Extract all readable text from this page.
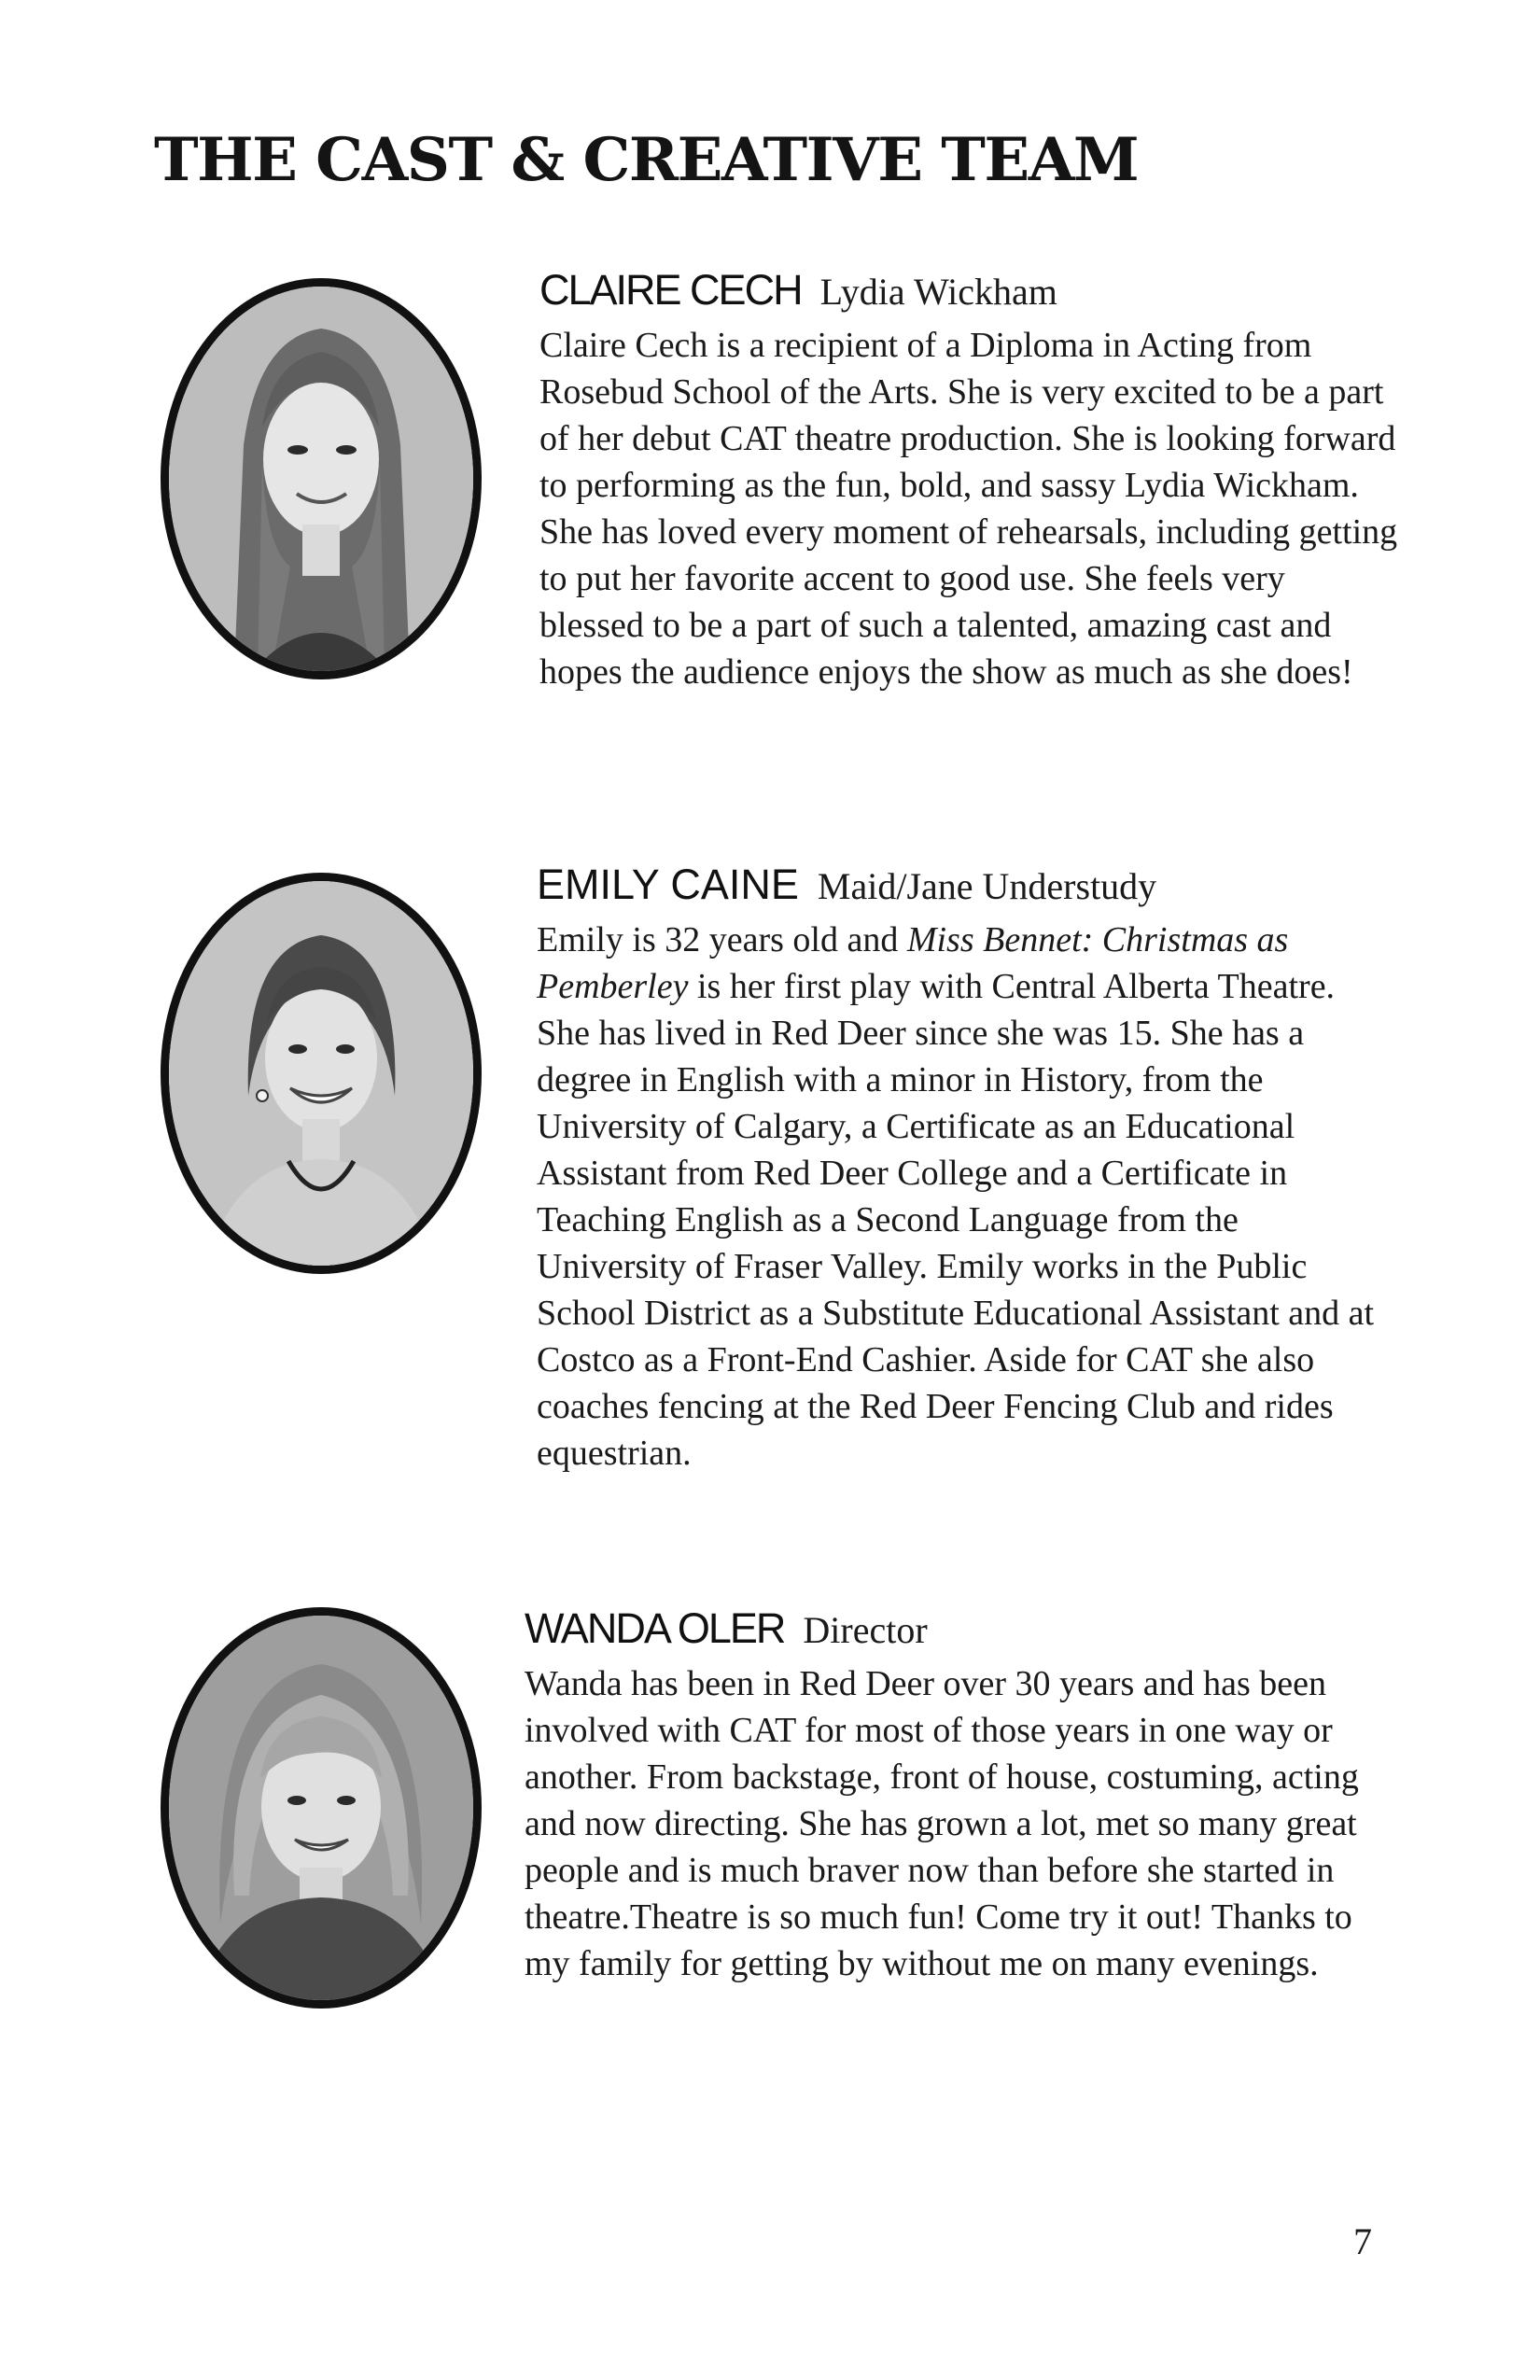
THE CAST & CREATIVE TEAM
CLAIRE CECH Lydia Wickham

Claire Cech is a recipient of a Diploma in Acting from Rosebud School of the Arts. She is very excited to be a part of her debut CAT theatre production. She is looking forward to performing as the fun, bold, and sassy Lydia Wickham. She has loved every moment of rehearsals, including getting to put her favorite accent to good use. She feels very blessed to be a part of such a talented, amazing cast and hopes the audience enjoys the show as much as she does!

EMILY CAINE Maid/Jane Understudy

Emily is 32 years old and Miss Bennet: Christmas as Pemberley is her first play with Central Alberta Theatre. She has lived in Red Deer since she was 15. She has a degree in English with a minor in History, from the University of Calgary, a Certificate as an Educational Assistant from Red Deer College and a Certificate in Teaching English as a Second Language from the University of Fraser Valley. Emily works in the Public School District as a Substitute Educational Assistant and at Costco as a Front-End Cashier. Aside for CAT she also coaches fencing at the Red Deer Fencing Club and rides equestrian.

WANDA OLER Director

Wanda has been in Red Deer over 30 years and has been involved with CAT for most of those years in one way or another. From backstage, front of house, costuming, acting and now directing. She has grown a lot, met so many great people and is much braver now than before she started in theatre.Theatre is so much fun! Come try it out! Thanks to my family for getting by without me on many evenings.

7
